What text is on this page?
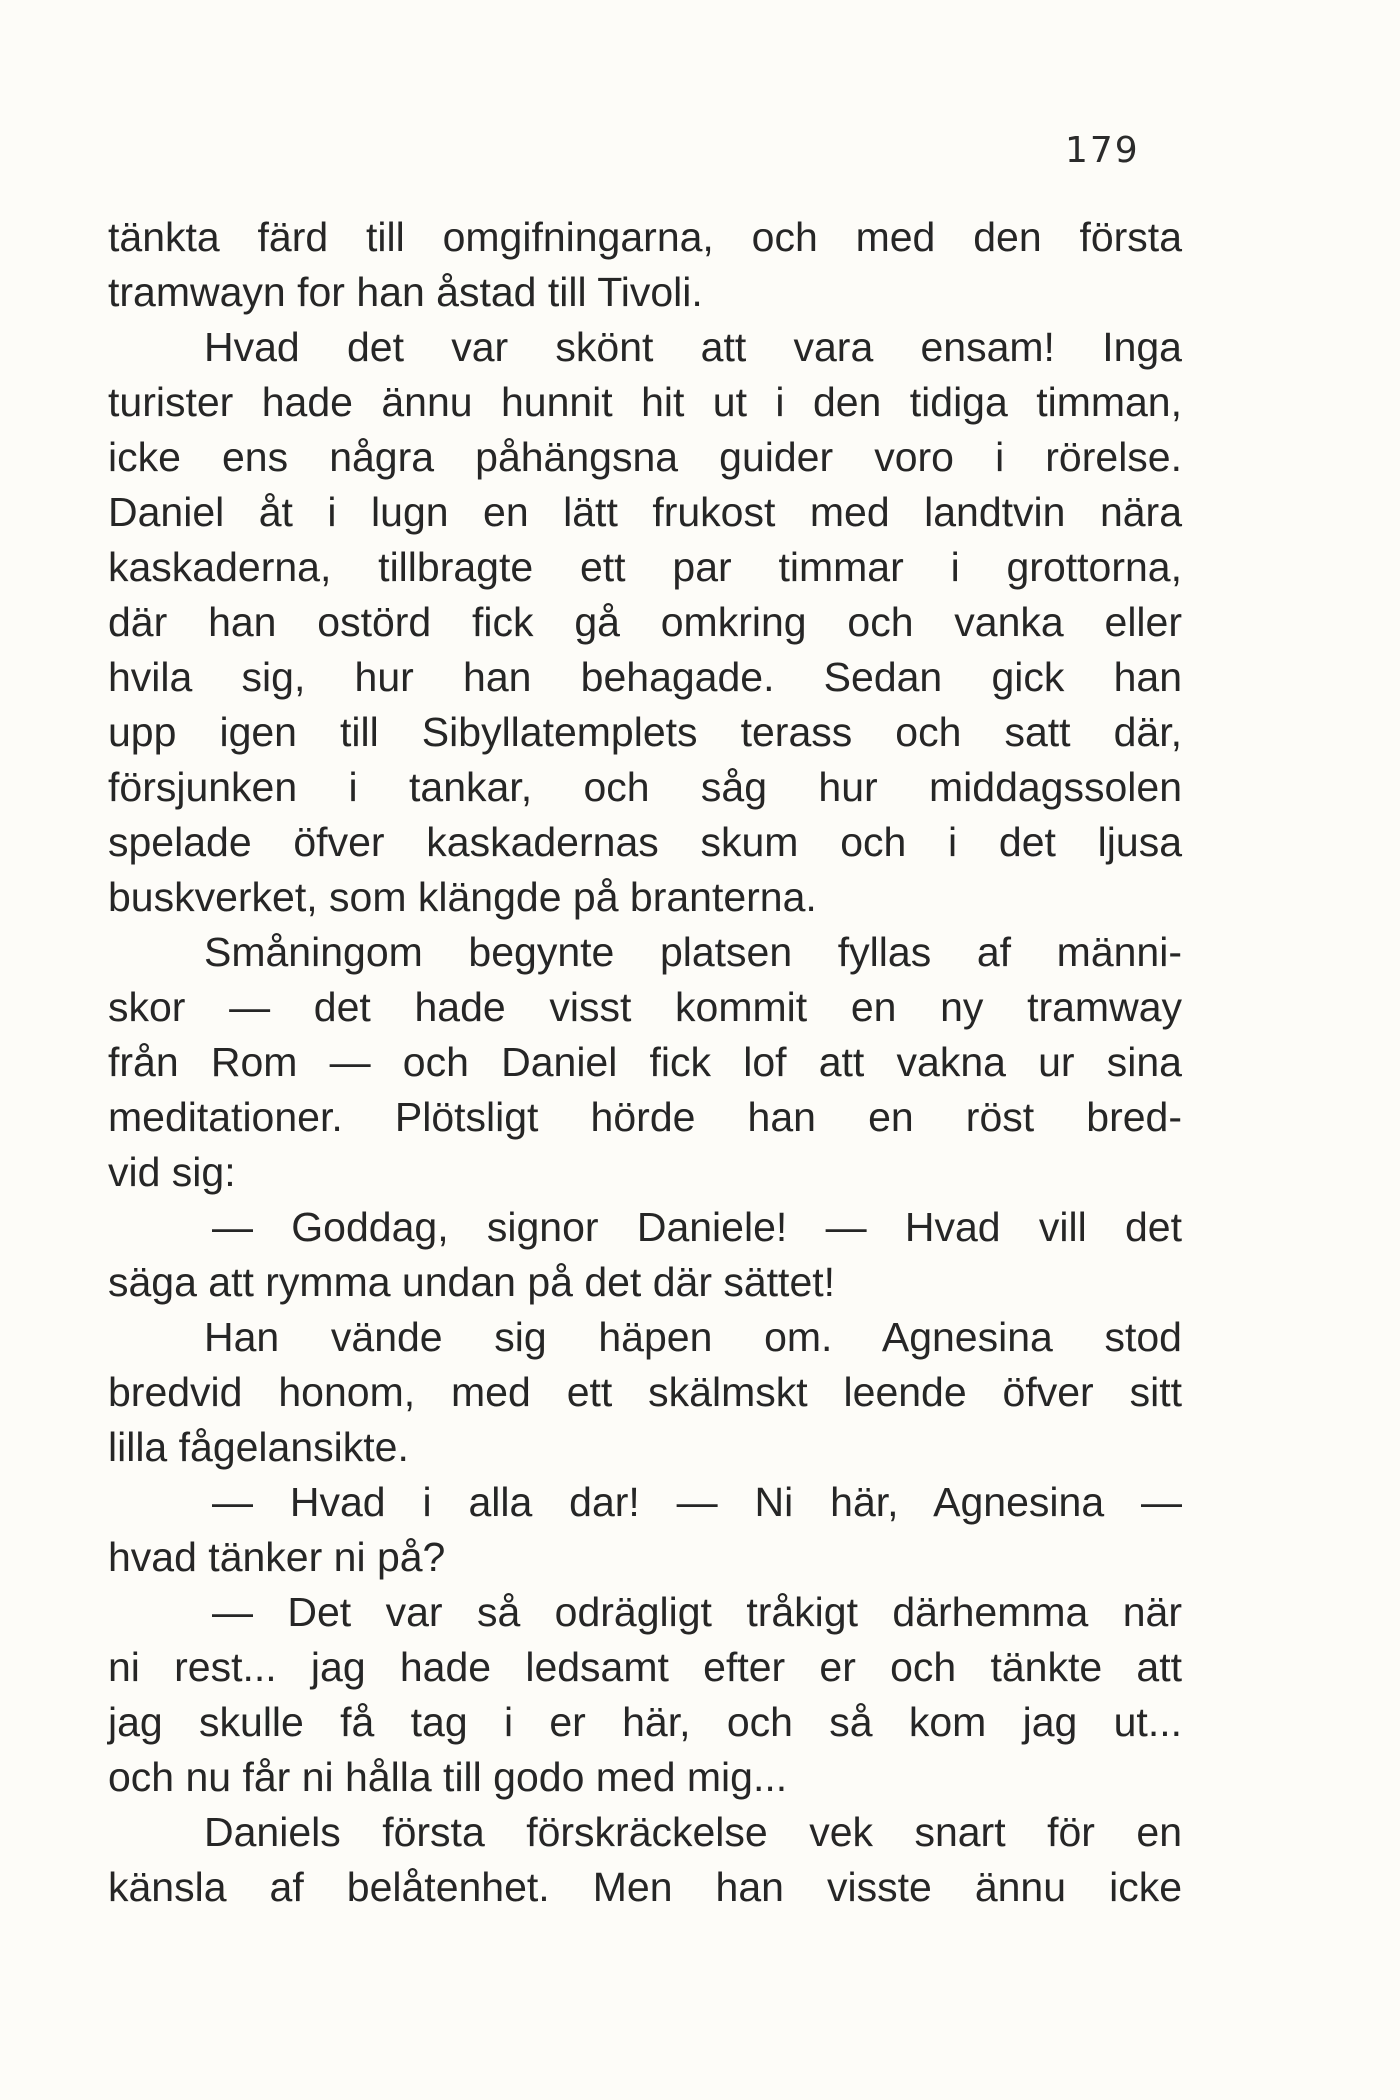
179
tänkta färd till omgifningarna, och med den första
tramwayn for han åstad till Tivoli.
Hvad det var skönt att vara ensam! Inga
turister hade ännu hunnit hit ut i den tidiga timman,
icke ens några påhängsna guider voro i rörelse.
Daniel åt i lugn en lätt frukost med landtvin nära
kaskaderna, tillbragte ett par timmar i grottorna,
där han ostörd fick gå omkring och vanka eller
hvila sig, hur han behagade. Sedan gick han
upp igen till Sibyllatemplets terass och satt där,
försjunken i tankar, och såg hur middagssolen
spelade öfver kaskadernas skum och i det ljusa
buskverket, som klängde på branterna.
Småningom begynte platsen fyllas af männi-
skor — det hade visst kommit en ny tramway
från Rom — och Daniel fick lof att vakna ur sina
meditationer. Plötsligt hörde han en röst bred-
vid sig:
— Goddag, signor Daniele! — Hvad vill det
säga att rymma undan på det där sättet!
Han vände sig häpen om. Agnesina stod
bredvid honom, med ett skälmskt leende öfver sitt
lilla fågelansikte.
— Hvad i alla dar! — Ni här, Agnesina —
hvad tänker ni på?
— Det var så odrägligt tråkigt därhemma när
ni rest... jag hade ledsamt efter er och tänkte att
jag skulle få tag i er här, och så kom jag ut...
och nu får ni hålla till godo med mig...
Daniels första förskräckelse vek snart för en
känsla af belåtenhet. Men han visste ännu icke
